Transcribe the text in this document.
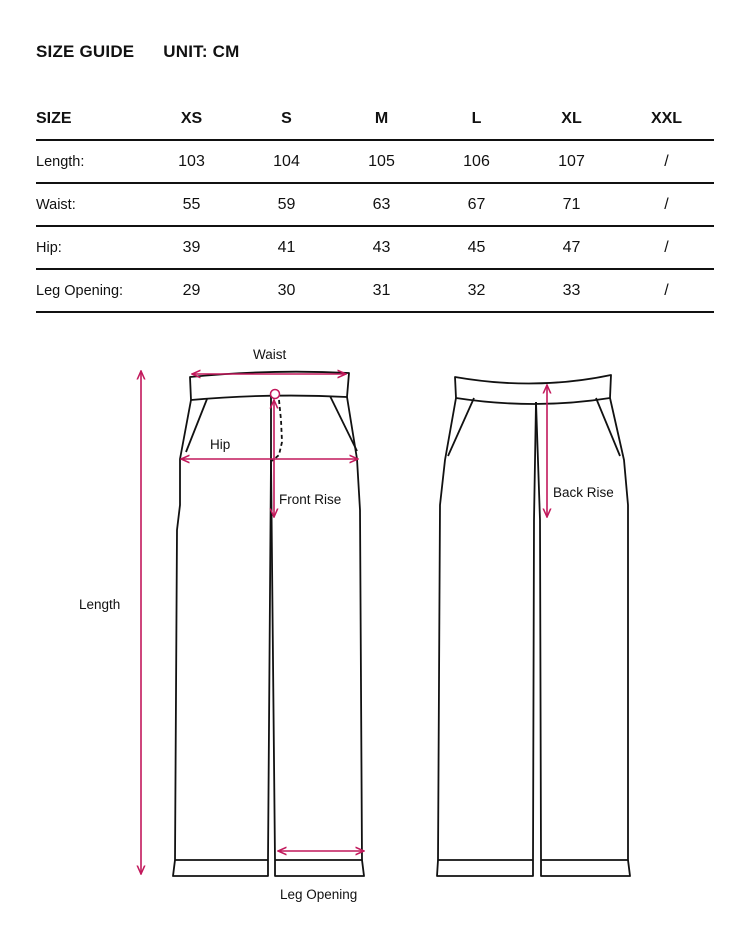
SIZE GUIDE UNIT: CM
SIZE	XS	S	M	L	XL	XXL
Length:	103	104	105	106	107	/
Waist:	55	59	63	67	71	/
Hip:	39	41	43	45	47	/
Leg Opening:	29	30	31	32	33	/
Waist
Hip
Front Rise	Back Rise
Length
Leg Opening
